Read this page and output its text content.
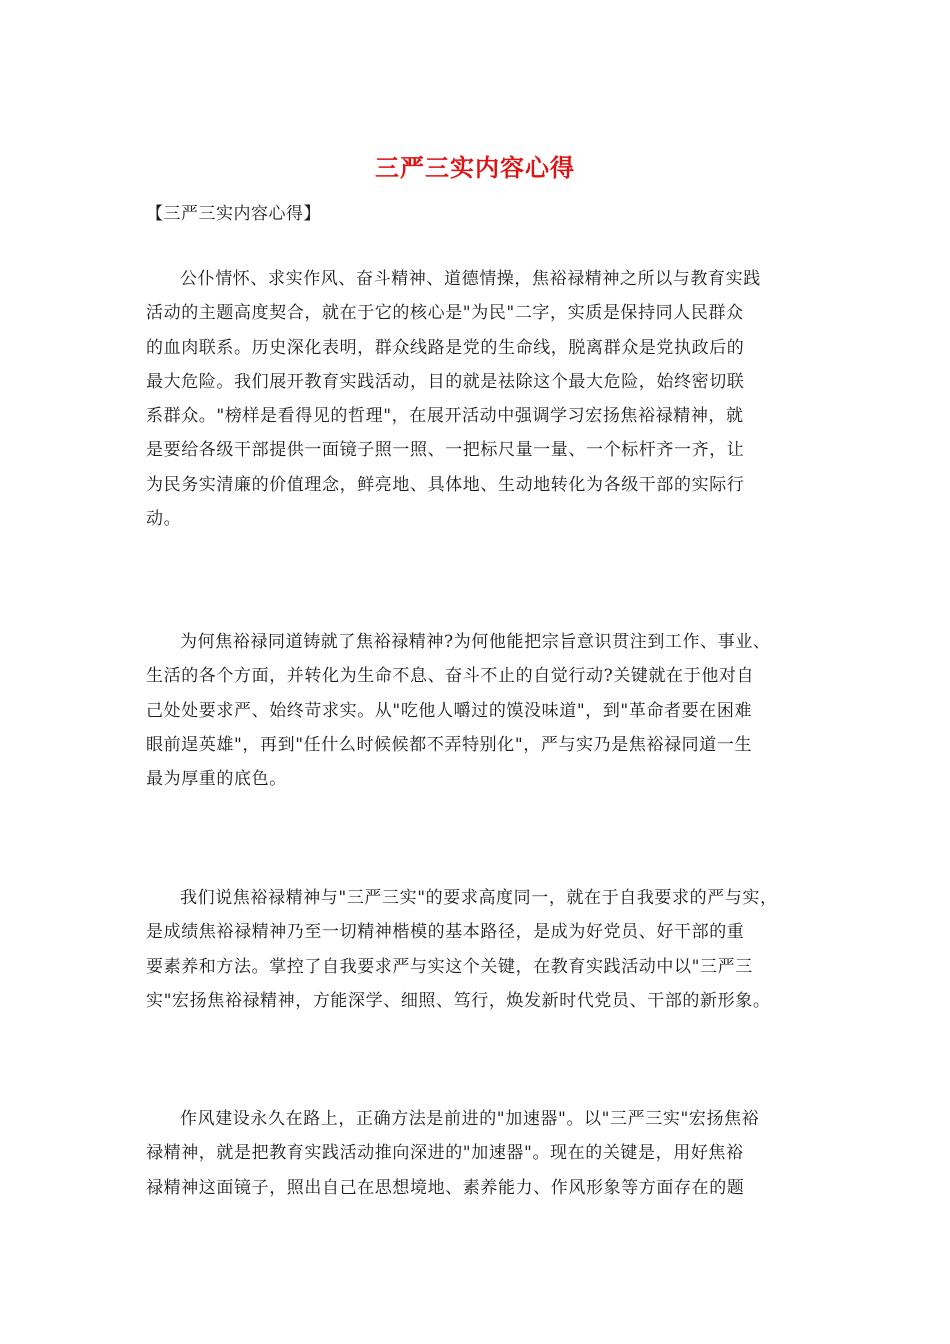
三严三实内容心得
【三严三实内容心得】
公仆情怀、求实作风、奋斗精神、道德情操，焦裕禄精神之所以与教育实践
活动的主题高度契合，就在于它的核心是"为民"二字，实质是保持同人民群众
的血肉联系。历史深化表明，群众线路是党的生命线，脱离群众是党执政后的
最大危险。我们展开教育实践活动，目的就是祛除这个最大危险，始终密切联
系群众。"榜样是看得见的哲理"，在展开活动中强调学习宏扬焦裕禄精神，就
是要给各级干部提供一面镜子照一照、一把标尺量一量、一个标杆齐一齐，让
为民务实清廉的价值理念，鲜亮地、具体地、生动地转化为各级干部的实际行
动。
为何焦裕禄同道铸就了焦裕禄精神?为何他能把宗旨意识贯注到工作、事业、
生活的各个方面，并转化为生命不息、奋斗不止的自觉行动?关键就在于他对自
己处处要求严、始终苛求实。从"吃他人嚼过的馍没味道"，到"革命者要在困难
眼前逞英雄"，再到"任什么时候候都不弄特别化"，严与实乃是焦裕禄同道一生
最为厚重的底色。
我们说焦裕禄精神与"三严三实"的要求高度同一，就在于自我要求的严与实，
是成绩焦裕禄精神乃至一切精神楷模的基本路径，是成为好党员、好干部的重
要素养和方法。掌控了自我要求严与实这个关键，在教育实践活动中以"三严三
实"宏扬焦裕禄精神，方能深学、细照、笃行，焕发新时代党员、干部的新形象。
作风建设永久在路上，正确方法是前进的"加速器"。以"三严三实"宏扬焦裕
禄精神，就是把教育实践活动推向深进的"加速器"。现在的关键是，用好焦裕
禄精神这面镜子，照出自己在思想境地、素养能力、作风形象等方面存在的题
